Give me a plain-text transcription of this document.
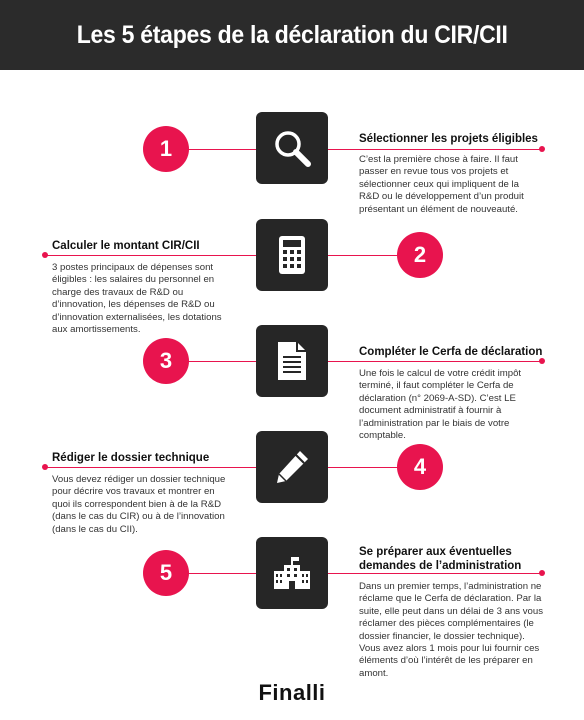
Les 5 étapes de la déclaration du CIR/CII
1	Sélectionner les projets éligibles
C’est la première chose à faire. Il faut passer en revue tous vos projets et sélectionner ceux qui impliquent de la R&D ou le développement d’un produit présentant un élément de nouveauté.
2
Calculer le montant CIR/CII
3 postes principaux de dépenses sont éligibles : les salaires du personnel en charge des travaux de R&D ou d’innovation, les dépenses de R&D ou d’innovation externalisées, les dotations aux amortissements.
3	Compléter le Cerfa de déclaration
Une fois le calcul de votre crédit impôt terminé, il faut compléter le Cerfa de déclaration (n° 2069-A-SD). C’est LE document administratif à fournir à l’administration par le biais de votre comptable.
4
Rédiger le dossier technique
Vous devez rédiger un dossier technique pour décrire vos travaux et montrer en quoi ils correspondent bien à de la R&D (dans le cas du CIR) ou à de l’innovation (dans le cas du CII).
5
Se préparer aux éventuelles demandes de l’administration
Dans un premier temps, l’administration ne réclame que le Cerfa de déclaration. Par la suite, elle peut dans un délai de 3 ans vous réclamer des pièces complémentaires (le dossier financier, le dossier technique). Vous avez alors 1 mois pour lui fournir ces éléments d’où l’intérêt de les préparer en amont.
Finalli
